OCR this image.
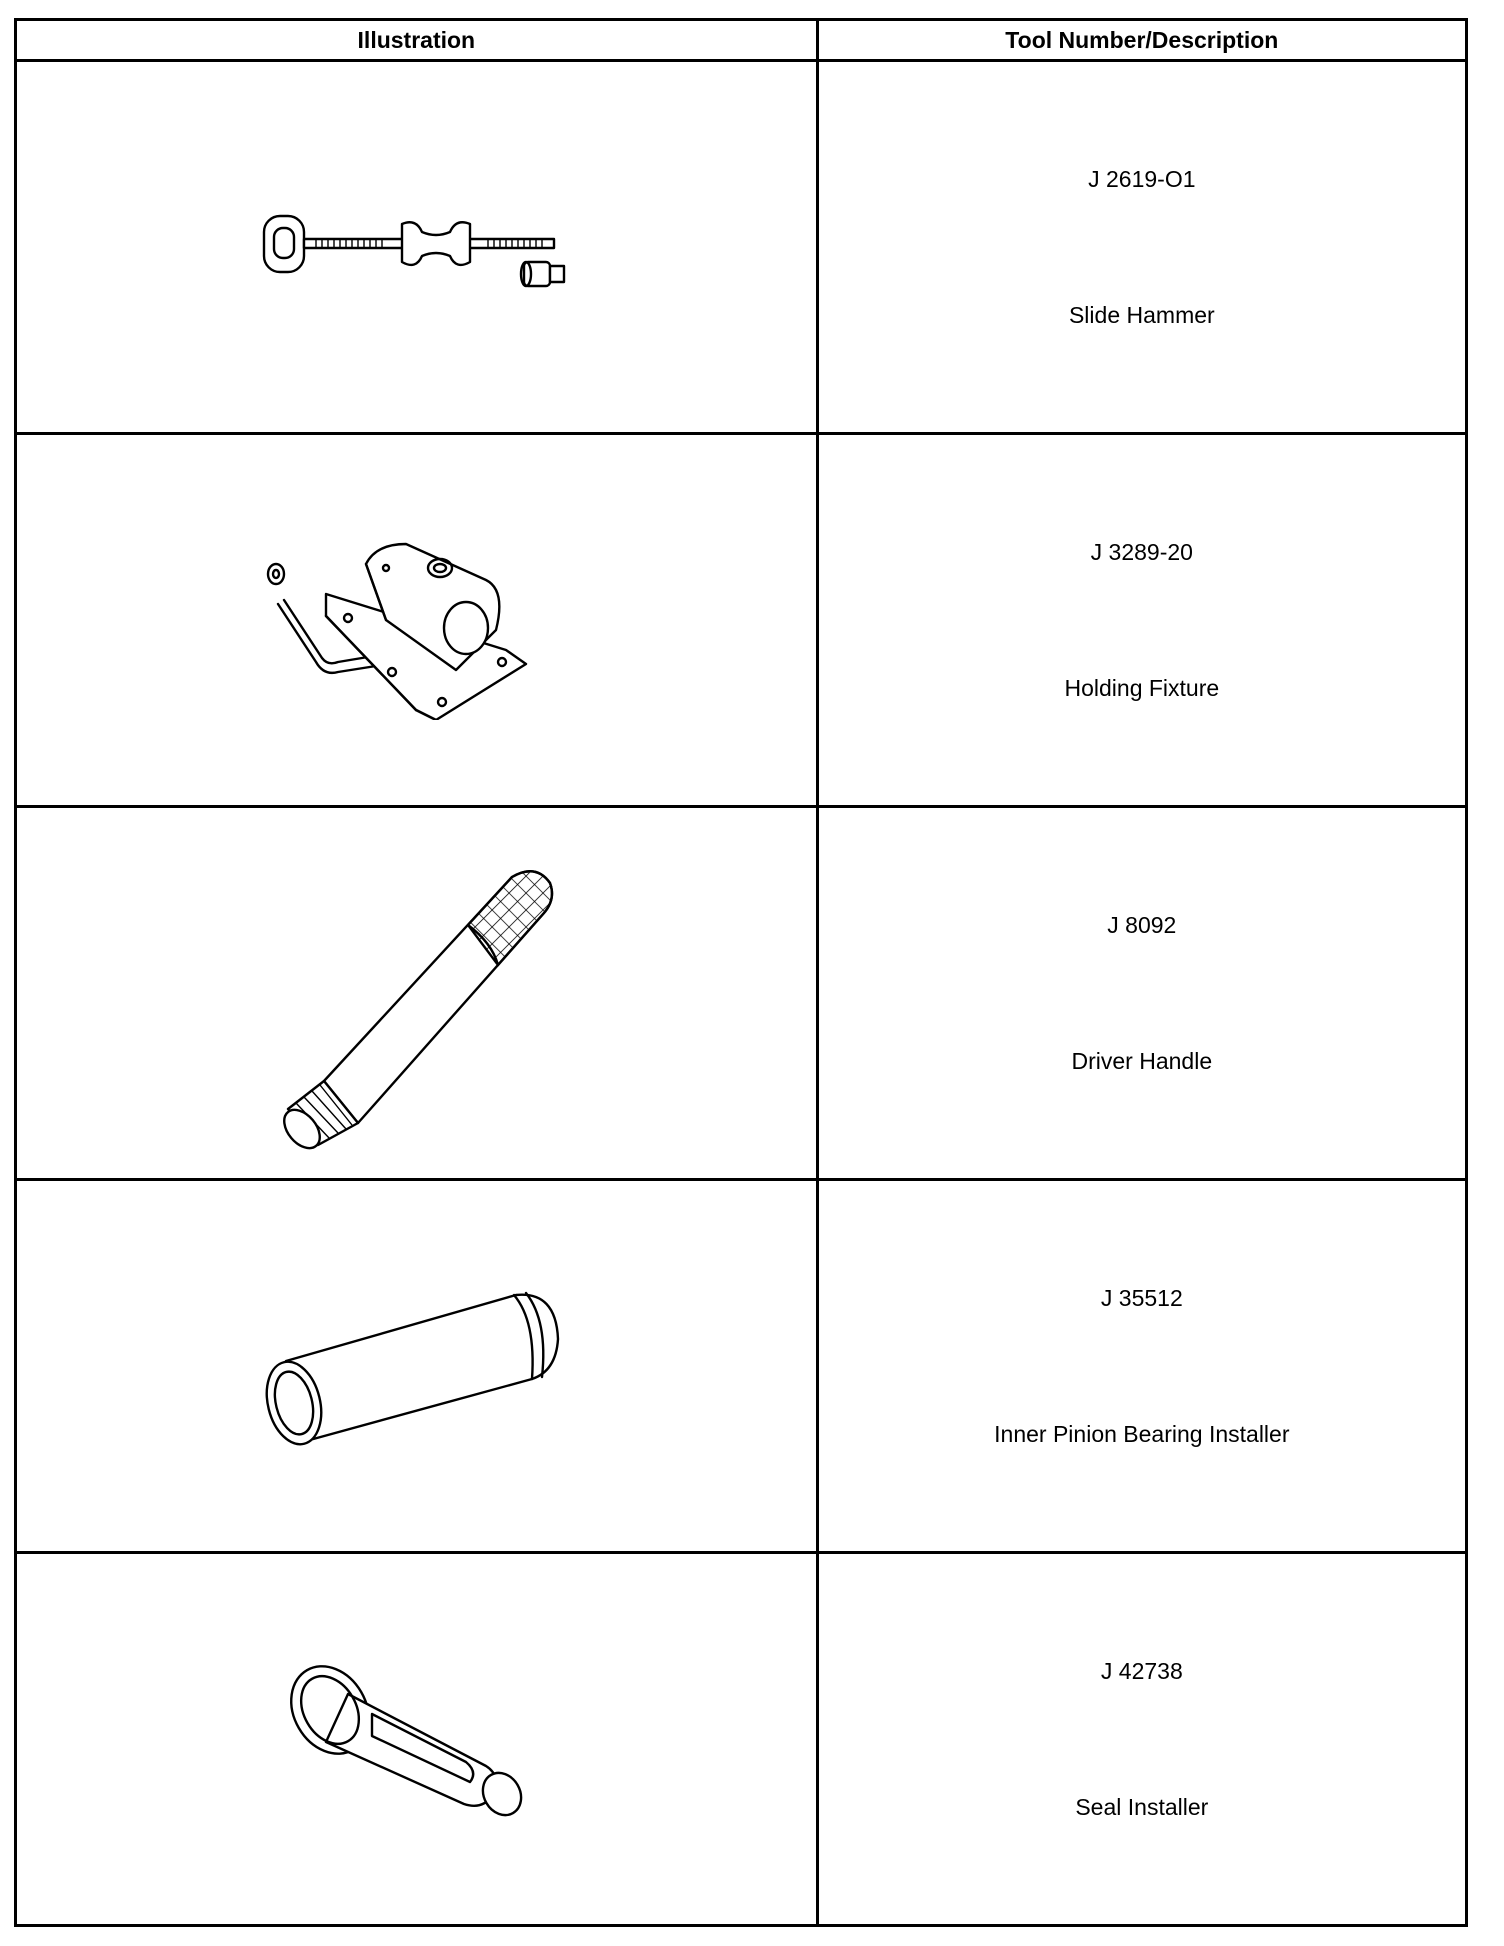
Illustration	Tool Number/Description

J 2619-O1
Slide Hammer

J 3289-20
Holding Fixture

J 8092
Driver Handle

J 35512
Inner Pinion Bearing Installer

J 42738
Seal Installer
